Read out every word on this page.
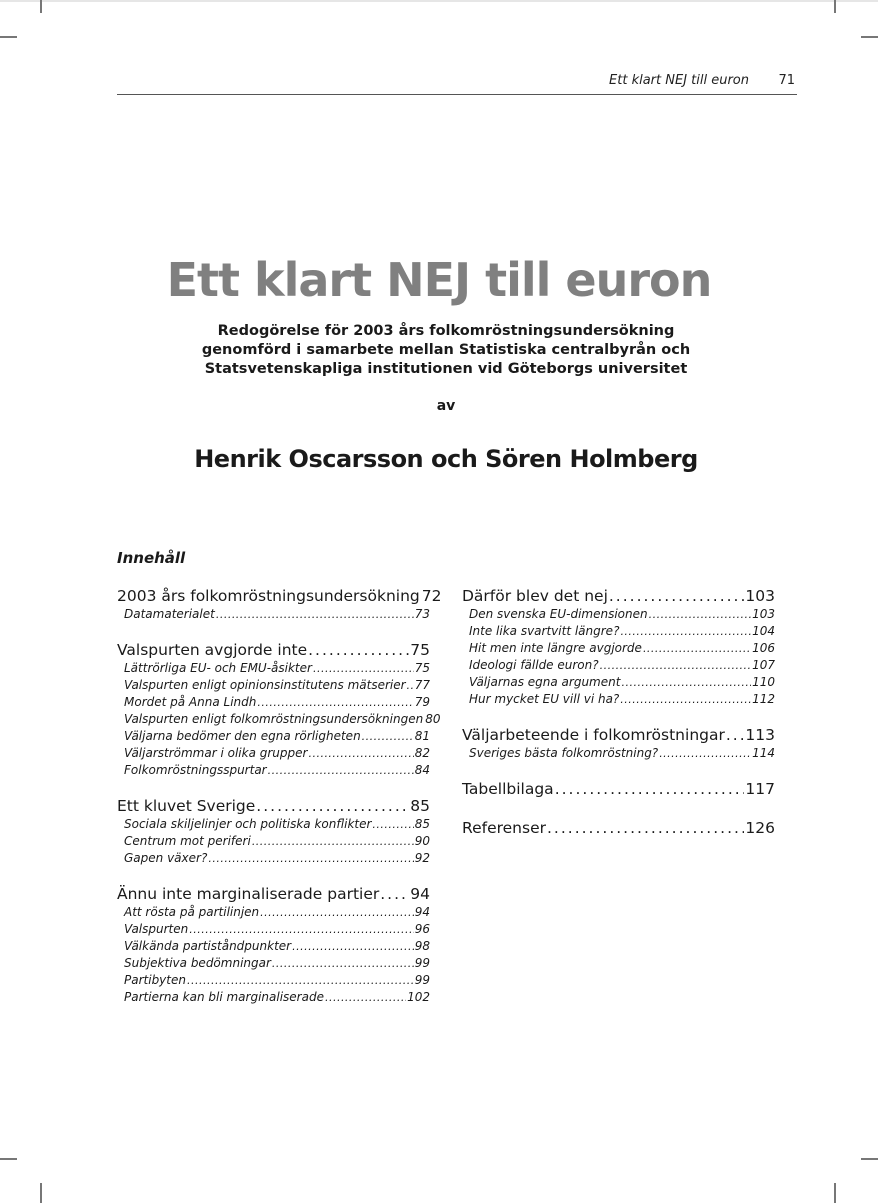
Ett klart NEJ till euron 71
Ett klart NEJ till euron
Redogörelse för 2003 års folkomröstningsundersökning
genomförd i samarbete mellan Statistiska centralbyrån och
Statsvetenskapliga institutionen vid Göteborgs universitet
av
Henrik Oscarsson och Sören Holmberg
Innehåll
2003 års folkomröstningsundersökning 72
Datamaterialet .....	73
Valspurten avgjorde inte .....	75
Lättrörliga EU- och EMU-åsikter .....	75
Valspurten enligt opinionsinstitutens mätserier ..... 77
Mordet på Anna Lindh .....	79
Valspurten enligt folkomröstningsundersökningen 80
Väljarna bedömer den egna rörligheten .....	81
Väljarströmmar i olika grupper .....	82
Folkomröstningsspurtar .....	84
Ett kluvet Sverige .....	85
Sociala skiljelinjer och politiska konflikter .....	85
Centrum mot periferi .....	90
Gapen växer? .....	92
Ännu inte marginaliserade partier ..... 94
Att rösta på partilinjen .....	94
Valspurten .....	96
Välkända partiståndpunkter .....	98
Subjektiva bedömningar .....	99
Partibyten .....	99
Partierna kan bli marginaliserade .....	102
Därför blev det nej .....	103
Den svenska EU-dimensionen .....	103
Inte lika svartvitt längre? .....	104
Hit men inte längre avgjorde .....	106
Ideologi fällde euron? .....	107
Väljarnas egna argument .....	110
Hur mycket EU vill vi ha? .....	112
Väljarbeteende i folkomröstningar ..... 113
Sveriges bästa folkomröstning? .....	114
Tabellbilaga .....	117
Referenser .....	126
